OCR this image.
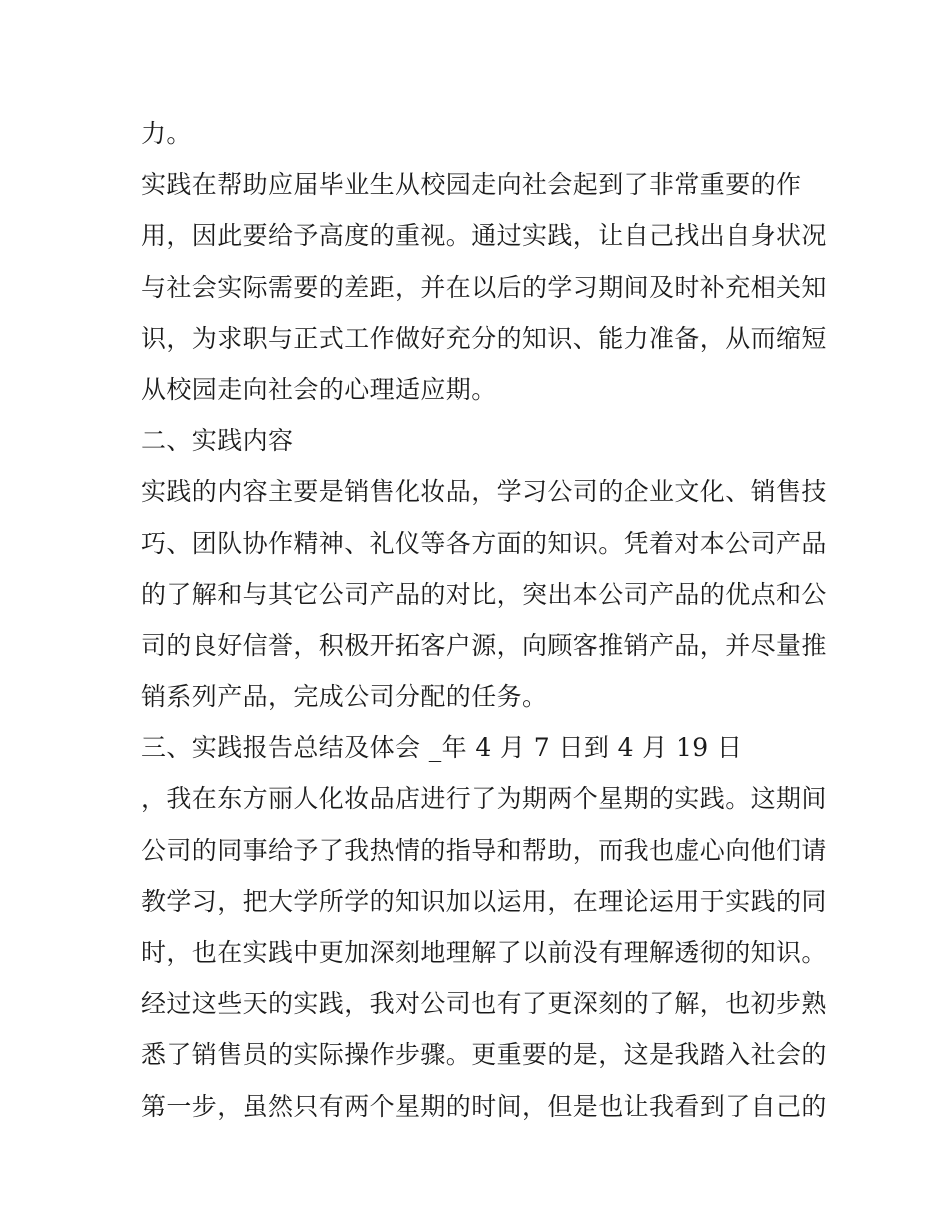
力。
实践在帮助应届毕业生从校园走向社会起到了非常重要的作
用，因此要给予高度的重视。通过实践，让自己找出自身状况
与社会实际需要的差距，并在以后的学习期间及时补充相关知
识，为求职与正式工作做好充分的知识、能力准备，从而缩短
从校园走向社会的心理适应期。
二、实践内容
实践的内容主要是销售化妆品，学习公司的企业文化、销售技
巧、团队协作精神、礼仪等各方面的知识。凭着对本公司产品
的了解和与其它公司产品的对比，突出本公司产品的优点和公
司的良好信誉，积极开拓客户源，向顾客推销产品，并尽量推
销系列产品，完成公司分配的任务。
三、实践报告总结及体会 _年 4 月 7 日到 4 月 19 日
，我在东方丽人化妆品店进行了为期两个星期的实践。这期间
公司的同事给予了我热情的指导和帮助，而我也虚心向他们请
教学习，把大学所学的知识加以运用，在理论运用于实践的同
时，也在实践中更加深刻地理解了以前没有理解透彻的知识。
经过这些天的实践，我对公司也有了更深刻的了解，也初步熟
悉了销售员的实际操作步骤。更重要的是，这是我踏入社会的
第一步，虽然只有两个星期的时间，但是也让我看到了自己的
